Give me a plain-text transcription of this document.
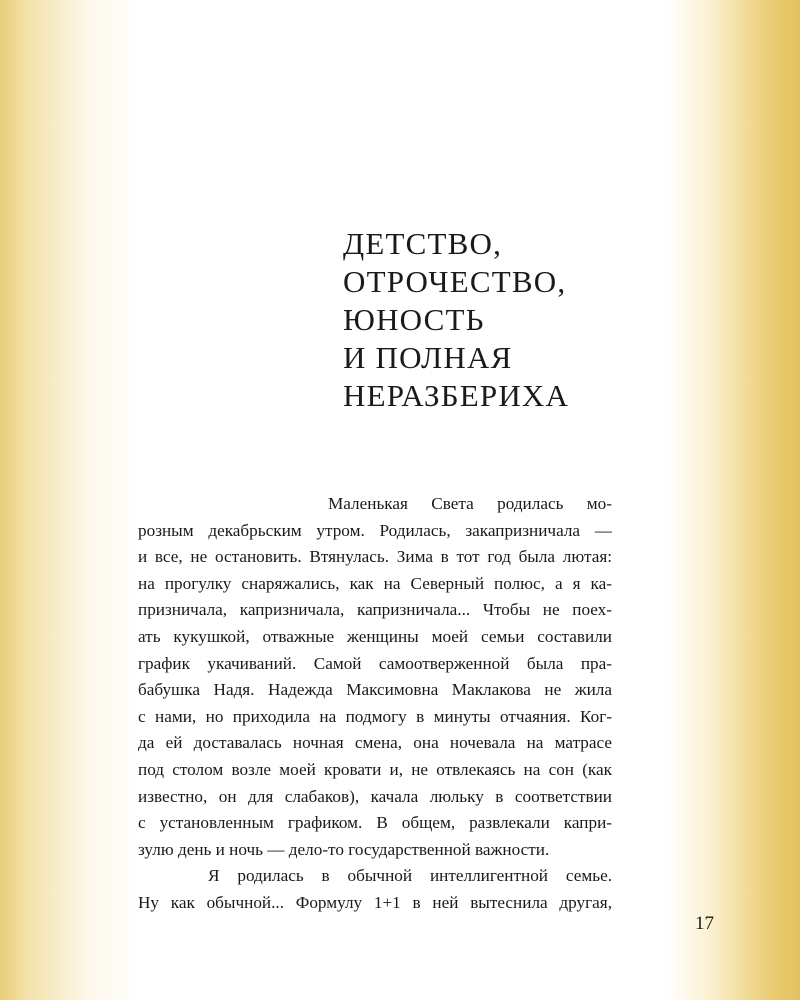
ДЕТСТВО,
ОТРОЧЕСТВО,
ЮНОСТЬ
И ПОЛНАЯ
НЕРАЗБЕРИХА

Маленькая Света родилась мо-

розным декабрьским утром. Родилась, закапризничала —

и все, не остановить. Втянулась. Зима в тот год была лютая:

на прогулку снаряжались, как на Северный полюс, а я ка-

призничала, капризничала, капризничала... Чтобы не поех-

ать кукушкой, отважные женщины моей семьи составили

график укачиваний. Самой самоотверженной была пра-

бабушка Надя. Надежда Максимовна Маклакова не жила

с нами, но приходила на подмогу в минуты отчаяния. Ког-

да ей доставалась ночная смена, она ночевала на матрасе

под столом возле моей кровати и, не отвлекаясь на сон (как

известно, он для слабаков), качала люльку в соответствии

с установленным графиком. В общем, развлекали капри-

зулю день и ночь — дело-то государственной важности.

Я родилась в обычной интеллигентной семье.

Ну как обычной... Формулу 1+1 в ней вытеснила другая,

17
